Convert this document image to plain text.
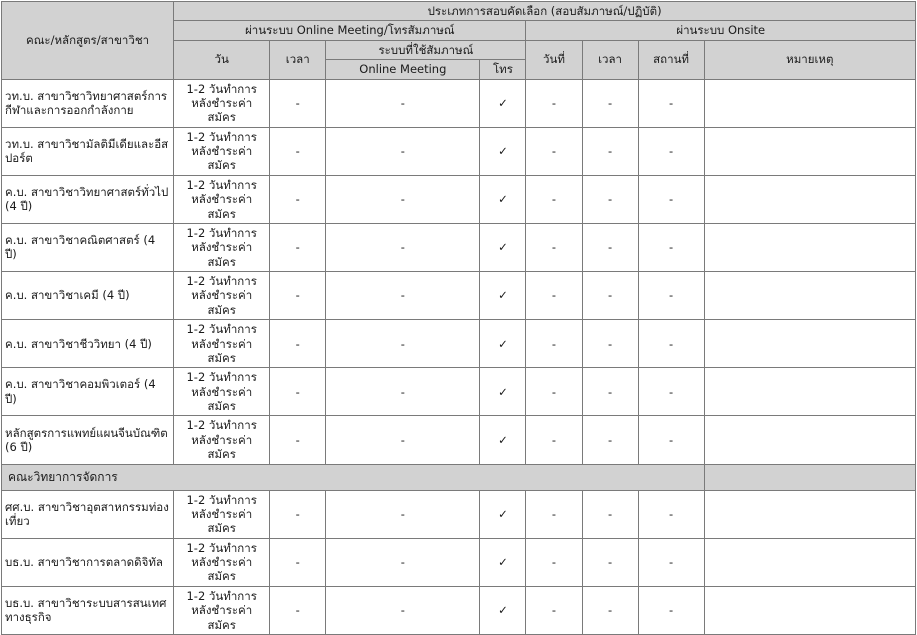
คณะ/หลักสูตร/สาขาวิชา	ประเภทการสอบคัดเลือก (สอบสัมภาษณ์/ปฏิบัติ)							
	ผ่านระบบ Online Meeting/โทรสัมภาษณ์				ผ่านระบบ Onsite			
	วัน	เวลา	ระบบที่ใช้สัมภาษณ์		วันที่	เวลา	สถานที่	หมายเหตุ
			Online Meeting	โทร				
วท.บ. สาขาวิชาวิทยาศาสตร์การกีฬาและการออกกำลังกาย	1-2 วันทำการ
หลังชำระค่าสมัคร	-	-	✓	-	-	-	
วท.บ. สาขาวิชามัลติมีเดียและอีสปอร์ต	1-2 วันทำการ
หลังชำระค่าสมัคร	-	-	✓	-	-	-	
ค.บ. สาขาวิชาวิทยาศาสตร์ทั่วไป (4 ปี)	1-2 วันทำการ
หลังชำระค่าสมัคร	-	-	✓	-	-	-	
ค.บ. สาขาวิชาคณิตศาสตร์ (4 ปี)	1-2 วันทำการ
หลังชำระค่าสมัคร	-	-	✓	-	-	-	
ค.บ. สาขาวิชาเคมี (4 ปี)	1-2 วันทำการ
หลังชำระค่าสมัคร	-	-	✓	-	-	-	
ค.บ. สาขาวิชาชีววิทยา (4 ปี)	1-2 วันทำการ
หลังชำระค่าสมัคร	-	-	✓	-	-	-	
ค.บ. สาขาวิชาคอมพิวเตอร์ (4 ปี)	1-2 วันทำการ
หลังชำระค่าสมัคร	-	-	✓	-	-	-	
หลักสูตรการแพทย์แผนจีนบัณฑิต (6 ปี)	1-2 วันทำการ
หลังชำระค่าสมัคร	-	-	✓	-	-	-	
คณะวิทยาการจัดการ								
ศศ.บ. สาขาวิชาอุตสาหกรรมท่องเที่ยว	1-2 วันทำการ
หลังชำระค่าสมัคร	-	-	✓	-	-	-	
บธ.บ. สาขาวิชาการตลาดดิจิทัล	1-2 วันทำการ
หลังชำระค่าสมัคร	-	-	✓	-	-	-	
บธ.บ. สาขาวิชาระบบสารสนเทศทางธุรกิจ	1-2 วันทำการ
หลังชำระค่าสมัคร	-	-	✓	-	-	-	
